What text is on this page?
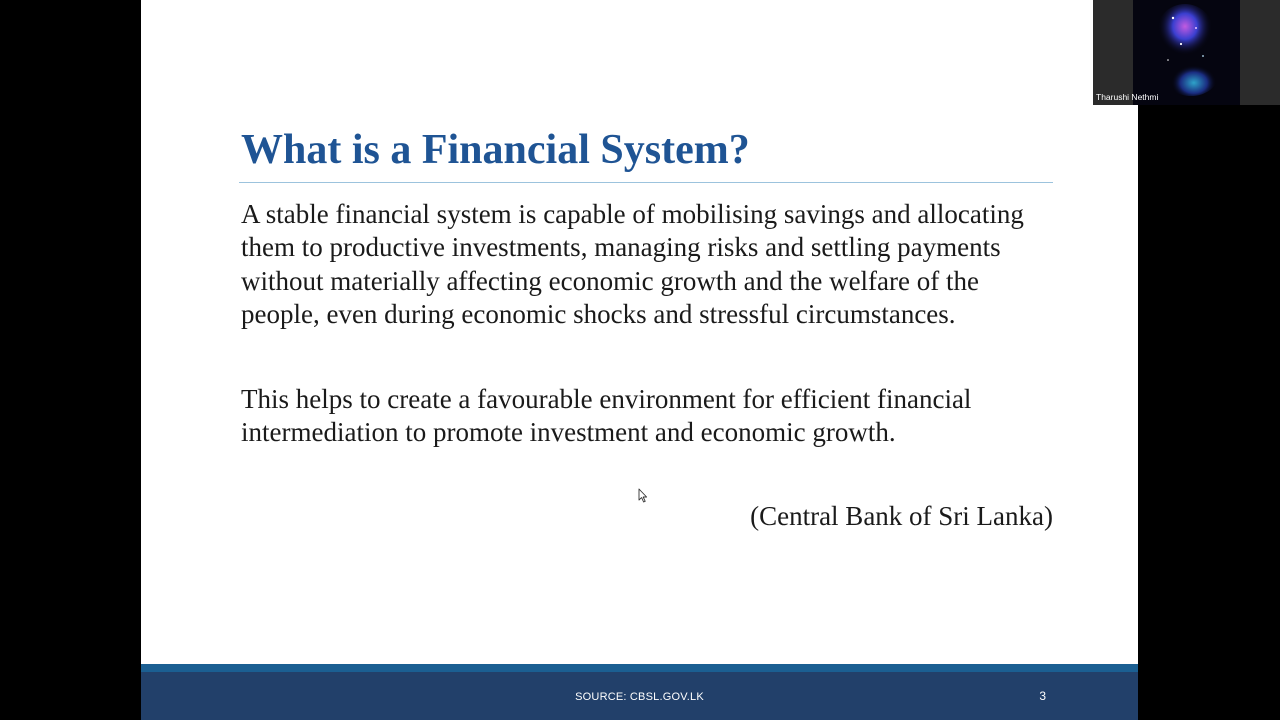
What is a Financial System?

A stable financial system is capable of mobilising savings and allocating them to productive investments, managing risks and settling payments without materially affecting economic growth and the welfare of the people, even during economic shocks and stressful circumstances.

This helps to create a favourable environment for efficient financial intermediation to promote investment and economic growth.

(Central Bank of Sri Lanka)

SOURCE: CBSL.GOV.LK	3
Tharushi Nethmi
